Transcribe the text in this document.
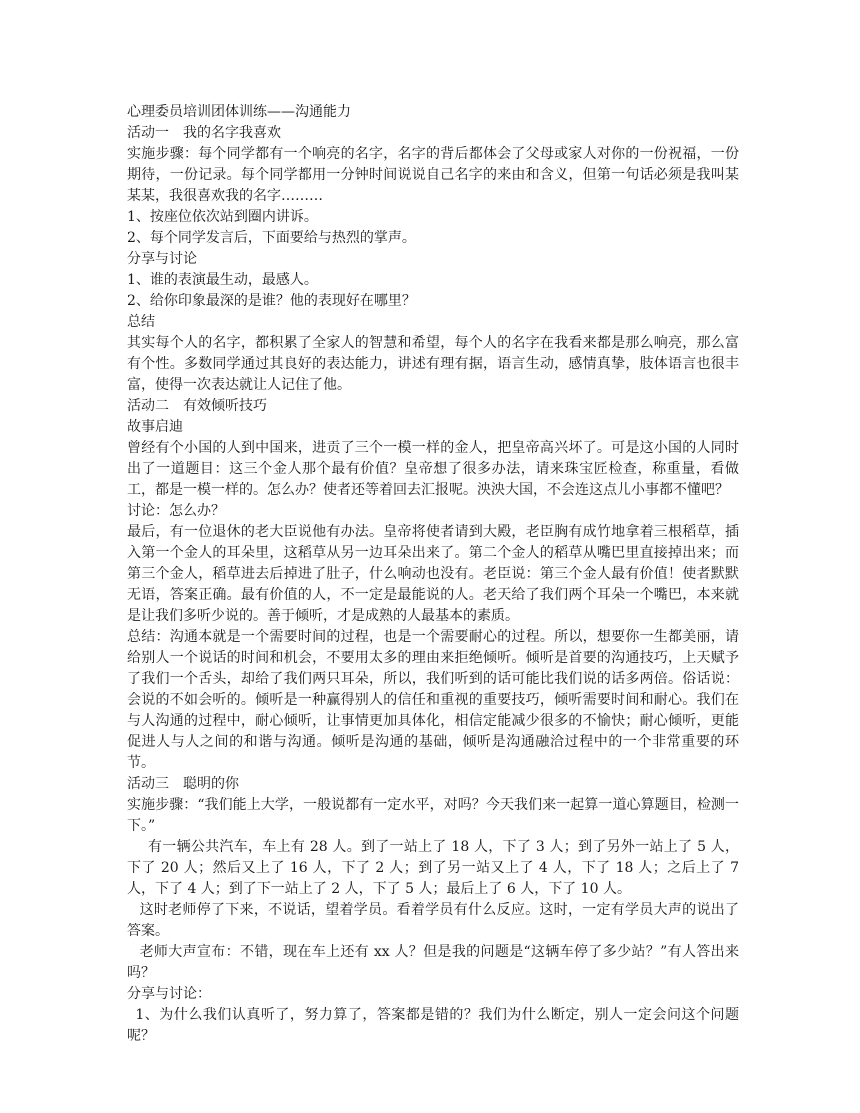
心理委员培训团体训练——沟通能力

活动一　我的名字我喜欢

实施步骤：每个同学都有一个响亮的名字，名字的背后都体会了父母或家人对你的一份祝福，一份期待，一份记录。每个同学都用一分钟时间说说自己名字的来由和含义，但第一句话必须是我叫某某某，我很喜欢我的名字………

1、按座位依次站到圈内讲诉。

2、每个同学发言后，下面要给与热烈的掌声。

分享与讨论

1、谁的表演最生动，最感人。

2、给你印象最深的是谁？他的表现好在哪里？

总结

其实每个人的名字，都积累了全家人的智慧和希望，每个人的名字在我看来都是那么响亮，那么富有个性。多数同学通过其良好的表达能力，讲述有理有据，语言生动，感情真挚，肢体语言也很丰富，使得一次表达就让人记住了他。

活动二　有效倾听技巧

故事启迪

曾经有个小国的人到中国来，进贡了三个一模一样的金人，把皇帝高兴坏了。可是这小国的人同时出了一道题目：这三个金人那个最有价值？皇帝想了很多办法，请来珠宝匠检查，称重量，看做工，都是一模一样的。怎么办？使者还等着回去汇报呢。泱泱大国，不会连这点儿小事都不懂吧？

讨论：怎么办？

最后，有一位退休的老大臣说他有办法。皇帝将使者请到大殿，老臣胸有成竹地拿着三根稻草，插入第一个金人的耳朵里，这稻草从另一边耳朵出来了。第二个金人的稻草从嘴巴里直接掉出来；而第三个金人，稻草进去后掉进了肚子，什么响动也没有。老臣说：第三个金人最有价值！使者默默无语，答案正确。最有价值的人，不一定是最能说的人。老天给了我们两个耳朵一个嘴巴，本来就是让我们多听少说的。善于倾听，才是成熟的人最基本的素质。

总结：沟通本就是一个需要时间的过程，也是一个需要耐心的过程。所以，想要你一生都美丽，请给别人一个说话的时间和机会，不要用太多的理由来拒绝倾听。倾听是首要的沟通技巧，上天赋予了我们一个舌头，却给了我们两只耳朵，所以，我们听到的话可能比我们说的话多两倍。俗话说：会说的不如会听的。倾听是一种赢得别人的信任和重视的重要技巧，倾听需要时间和耐心。我们在与人沟通的过程中，耐心倾听，让事情更加具体化，相信定能减少很多的不愉快；耐心倾听，更能促进人与人之间的和谐与沟通。倾听是沟通的基础，倾听是沟通融洽过程中的一个非常重要的环节。

活动三　聪明的你

实施步骤：“我们能上大学，一般说都有一定水平，对吗？今天我们来一起算一道心算题目，检测一下。”

有一辆公共汽车，车上有 28 人。到了一站上了 18 人，下了 3 人；到了另外一站上了 5 人，下了 20 人；然后又上了 16 人，下了 2 人；到了另一站又上了 4 人，下了 18 人；之后上了 7 人，下了 4 人；到了下一站上了 2 人，下了 5 人；最后上了 6 人，下了 10 人。

这时老师停了下来，不说话，望着学员。看着学员有什么反应。这时，一定有学员大声的说出了答案。

老师大声宣布：不错，现在车上还有 xx 人？但是我的问题是“这辆车停了多少站？”有人答出来吗？

分享与讨论：

1、为什么我们认真听了，努力算了，答案都是错的？我们为什么断定，别人一定会问这个问题呢？
